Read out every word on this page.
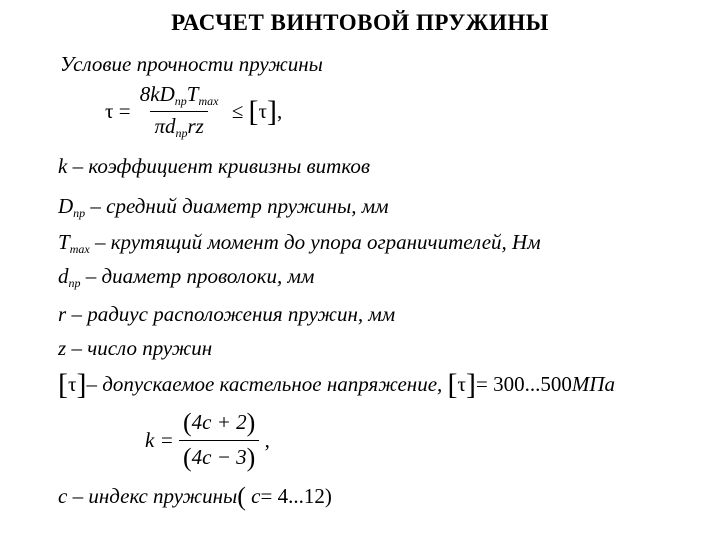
РАСЧЕТ ВИНТОВОЙ ПРУЖИНЫ
Условие прочности пружины
$\tau = \frac{8kD_{пр}Tmax}{\pi d_{пр}rz} \le [\tau]$,
k – коэффициент кривизны витков
$D_{пр}$ – средний диаметр пружины, мм
Tmax – крутящий момент до упора ограничителей, Нм
$d_{пр}$ – диаметр проволоки, мм
r – радиус расположения пружин, мм
z – число пружин
[τ]– допускаемое кастельное напряжение, [τ]= 300...500МПа
$k = \frac{(4c + 2)}{(4c - 3)}$ ,
c – индекс пружины( c= 4...12)
